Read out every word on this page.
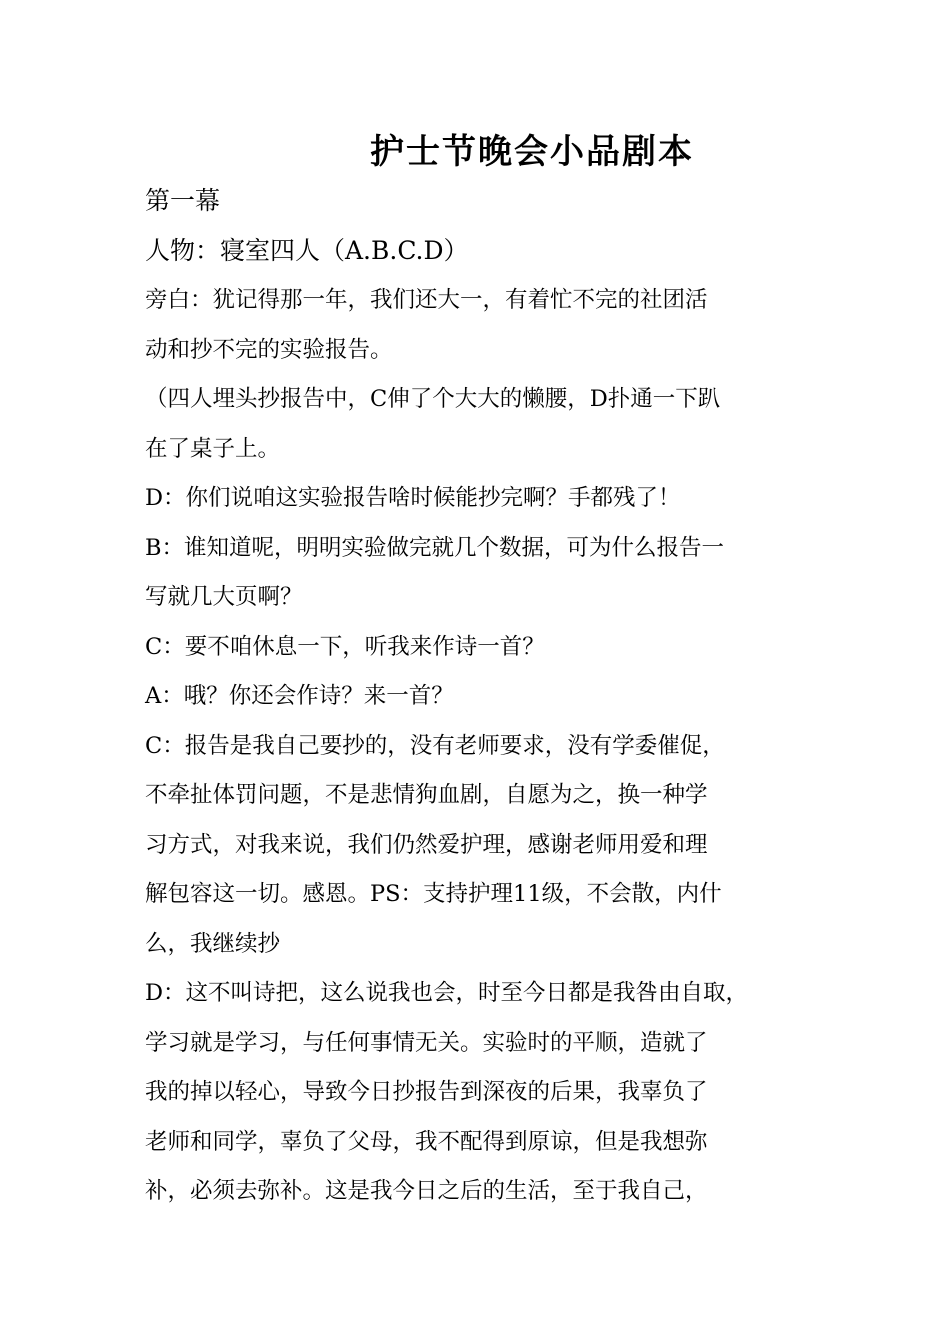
护士节晚会小品剧本
第一幕
人物：寝室四人（A.B.C.D）
旁白：犹记得那一年，我们还大一，有着忙不完的社团活
动和抄不完的实验报告。
（四人埋头抄报告中，C伸了个大大的懒腰，D扑通一下趴
在了桌子上。
D：你们说咱这实验报告啥时候能抄完啊？手都残了！
B：谁知道呢，明明实验做完就几个数据，可为什么报告一
写就几大页啊？
C：要不咱休息一下，听我来作诗一首？
A：哦？你还会作诗？来一首？
C：报告是我自己要抄的，没有老师要求，没有学委催促，
不牵扯体罚问题，不是悲情狗血剧，自愿为之，换一种学
习方式，对我来说，我们仍然爱护理，感谢老师用爱和理
解包容这一切。感恩。PS：支持护理11级，不会散，内什
么，我继续抄
D：这不叫诗把，这么说我也会，时至今日都是我咎由自取，
学习就是学习，与任何事情无关。实验时的平顺，造就了
我的掉以轻心，导致今日抄报告到深夜的后果，我辜负了
老师和同学，辜负了父母，我不配得到原谅，但是我想弥
补，必须去弥补。这是我今日之后的生活，至于我自己，
